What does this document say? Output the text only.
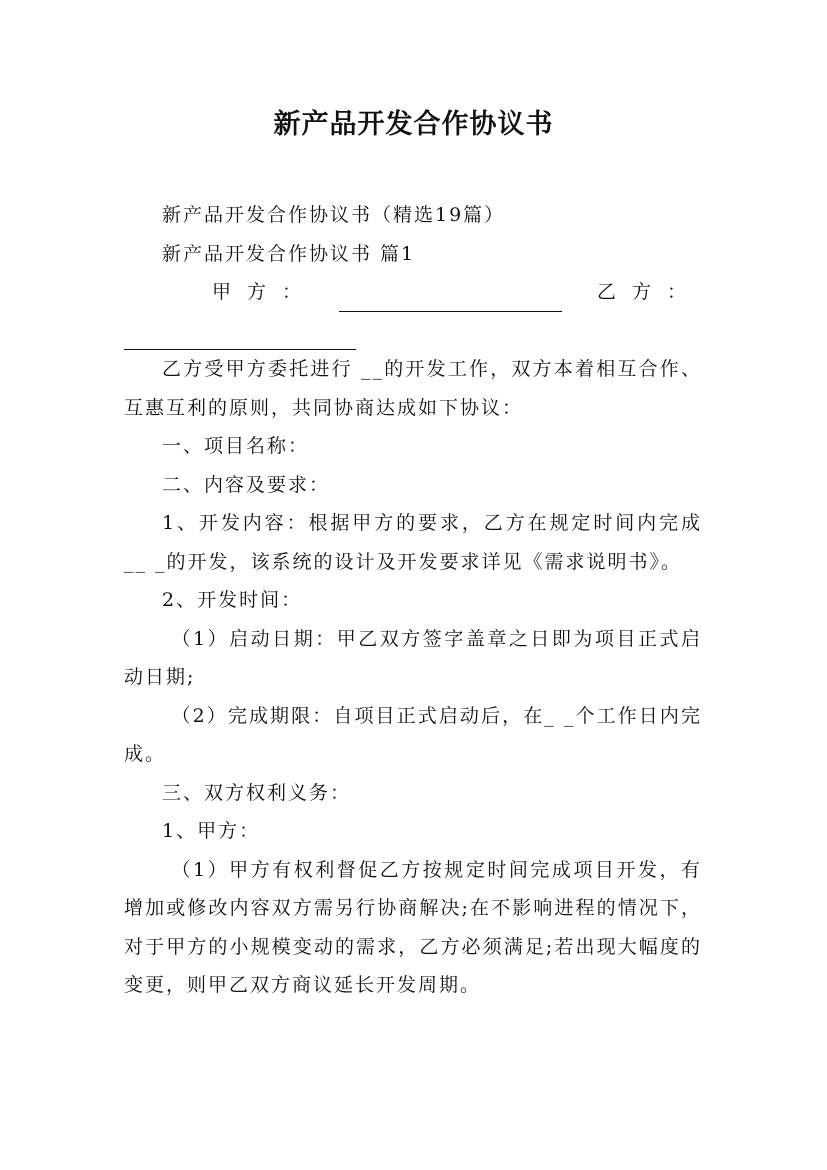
新产品开发合作协议书

新产品开发合作协议书（精选19篇）

新产品开发合作协议书 篇1

甲方：	乙方：

乙方受甲方委托进行 __的开发工作，双方本着相互合作、互惠互利的原则，共同协商达成如下协议：

一、项目名称：

二、内容及要求：

1、开发内容：根据甲方的要求，乙方在规定时间内完成__ _的开发，该系统的设计及开发要求详见《需求说明书》。

2、开发时间：

（1）启动日期：甲乙双方签字盖章之日即为项目正式启动日期;

（2）完成期限：自项目正式启动后，在_ _个工作日内完成。

三、双方权利义务：

1、甲方：

（1）甲方有权利督促乙方按规定时间完成项目开发，有增加或修改内容双方需另行协商解决;在不影响进程的情况下，对于甲方的小规模变动的需求，乙方必须满足;若出现大幅度的变更，则甲乙双方商议延长开发周期。
